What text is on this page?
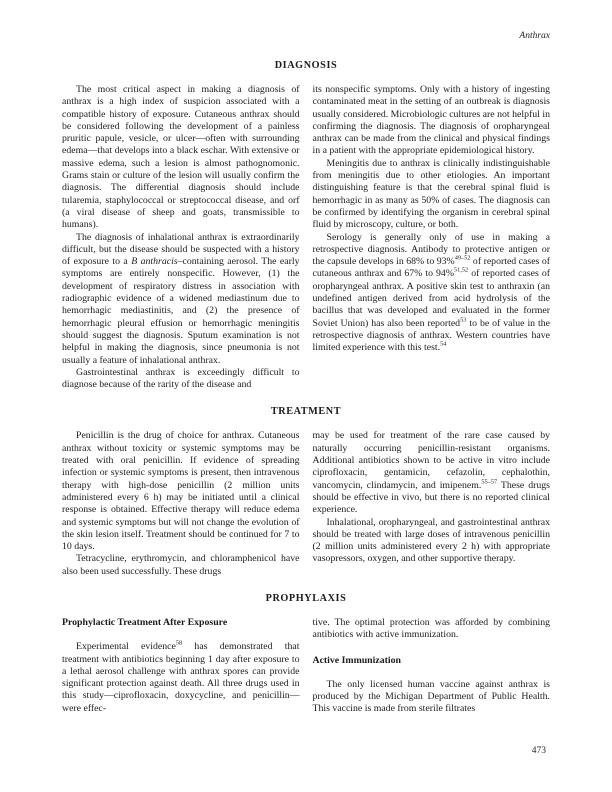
Anthrax
DIAGNOSIS

The most critical aspect in making a diagnosis of anthrax is a high index of suspicion associated with a compatible history of exposure. Cutaneous anthrax should be considered following the development of a painless pruritic papule, vesicle, or ulcer—often with surrounding edema—that develops into a black eschar. With extensive or massive edema, such a lesion is almost pathognomonic. Grams stain or culture of the lesion will usually confirm the diagnosis. The differential diagnosis should include tularemia, staphylococcal or streptococcal disease, and orf (a viral disease of sheep and goats, transmissible to humans).

The diagnosis of inhalational anthrax is extraordinarily difficult, but the disease should be suspected with a history of exposure to a B anthracis–containing aerosol. The early symptoms are entirely nonspecific. However, (1) the development of respiratory distress in association with radiographic evidence of a widened mediastinum due to hemorrhagic mediastinitis, and (2) the presence of hemorrhagic pleural effusion or hemorrhagic meningitis should suggest the diagnosis. Sputum examination is not helpful in making the diagnosis, since pneumonia is not usually a feature of inhalational anthrax.

Gastrointestinal anthrax is exceedingly difficult to diagnose because of the rarity of the disease and

its nonspecific symptoms. Only with a history of ingesting contaminated meat in the setting of an outbreak is diagnosis usually considered. Microbiologic cultures are not helpful in confirming the diagnosis. The diagnosis of oropharyngeal anthrax can be made from the clinical and physical findings in a patient with the appropriate epidemiological history.

Meningitis due to anthrax is clinically indistinguishable from meningitis due to other etiologies. An important distinguishing feature is that the cerebral spinal fluid is hemorrhagic in as many as 50% of cases. The diagnosis can be confirmed by identifying the organism in cerebral spinal fluid by microscopy, culture, or both.

Serology is generally only of use in making a retrospective diagnosis. Antibody to protective antigen or the capsule develops in 68% to 93%$^{49-52}$ of reported cases of cutaneous anthrax and 67% to 94%$^{51,52}$ of reported cases of oropharyngeal anthrax. A positive skin test to anthraxin (an undefined antigen derived from acid hydrolysis of the bacillus that was developed and evaluated in the former Soviet Union) has also been reported$^{53}$ to be of value in the retrospective diagnosis of anthrax. Western countries have limited experience with this test.$^{54}$

TREATMENT

Penicillin is the drug of choice for anthrax. Cutaneous anthrax without toxicity or systemic symptoms may be treated with oral penicillin. If evidence of spreading infection or systemic symptoms is present, then intravenous therapy with high-dose penicillin (2 million units administered every 6 h) may be initiated until a clinical response is obtained. Effective therapy will reduce edema and systemic symptoms but will not change the evolution of the skin lesion itself. Treatment should be continued for 7 to 10 days.

Tetracycline, erythromycin, and chloramphenicol have also been used successfully. These drugs

may be used for treatment of the rare case caused by naturally occurring penicillin-resistant organisms. Additional antibiotics shown to be active in vitro include ciprofloxacin, gentamicin, cefazolin, cephalothin, vancomycin, clindamycin, and imipenem.$^{55-57}$ These drugs should be effective in vivo, but there is no reported clinical experience.

Inhalational, oropharyngeal, and gastrointestinal anthrax should be treated with large doses of intravenous penicillin (2 million units administered every 2 h) with appropriate vasopressors, oxygen, and other supportive therapy.

PROPHYLAXIS
Prophylactic Treatment After Exposure

Experimental evidence$^{58}$ has demonstrated that treatment with antibiotics beginning 1 day after exposure to a lethal aerosol challenge with anthrax spores can provide significant protection against death. All three drugs used in this study—ciprofloxacin, doxycycline, and penicillin—were effec-

tive. The optimal protection was afforded by combining antibiotics with active immunization.

Active Immunization

The only licensed human vaccine against anthrax is produced by the Michigan Department of Public Health. This vaccine is made from sterile filtrates

473
